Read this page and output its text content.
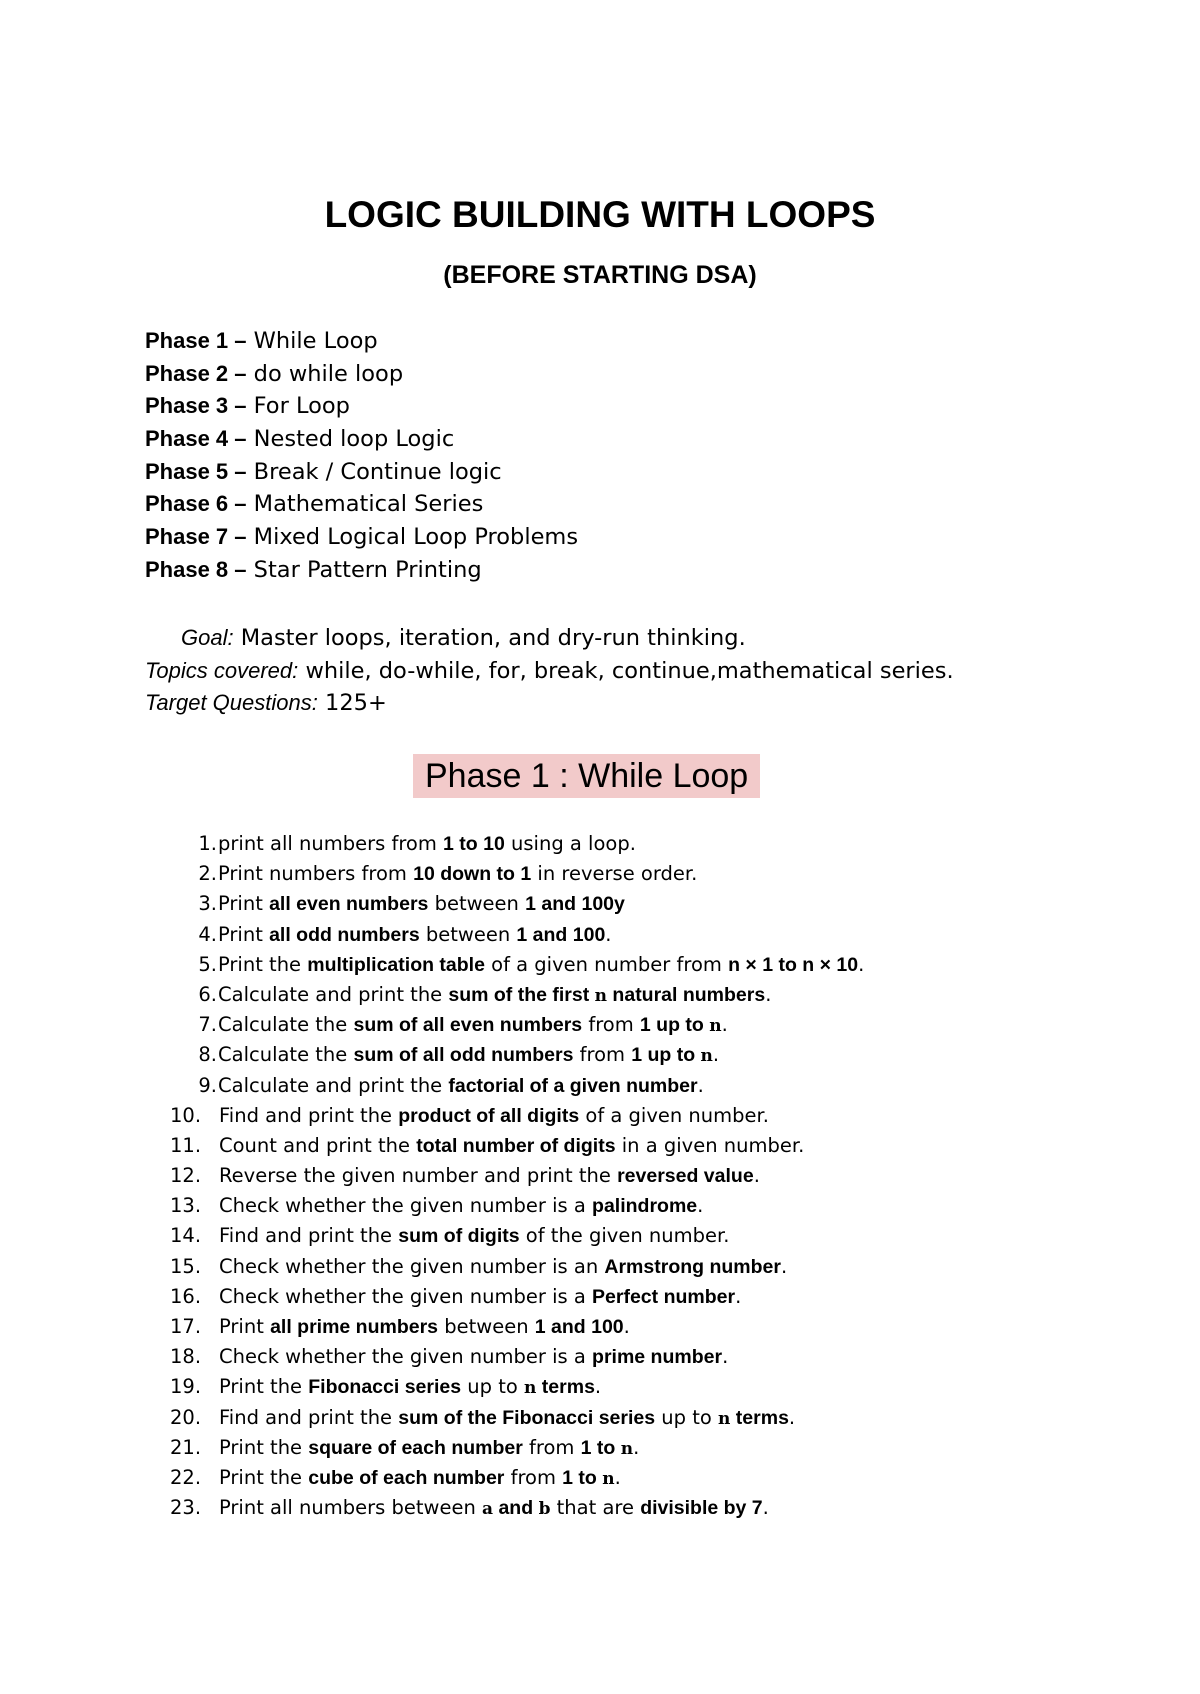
LOGIC BUILDING WITH LOOPS
(BEFORE STARTING DSA)
Phase 1 – While Loop
Phase 2 – do while loop
Phase 3 – For Loop
Phase 4 – Nested loop Logic
Phase 5 – Break / Continue logic
Phase 6 – Mathematical Series
Phase 7 – Mixed Logical Loop Problems
Phase 8 – Star Pattern Printing
Goal: Master loops, iteration, and dry-run thinking.
Topics covered: while, do-while, for, break, continue,mathematical series.
Target Questions: 125+
Phase 1 : While Loop
1.print all numbers from 1 to 10 using a loop.
2.Print numbers from 10 down to 1 in reverse order.
3.Print all even numbers between 1 and 100y
4.Print all odd numbers between 1 and 100.
5.Print the multiplication table of a given number from n × 1 to n × 10.
6.Calculate and print the sum of the first n natural numbers.
7.Calculate the sum of all even numbers from 1 up to n.
8.Calculate the sum of all odd numbers from 1 up to n.
9.Calculate and print the factorial of a given number.
10. Find and print the product of all digits of a given number.
11. Count and print the total number of digits in a given number.
12. Reverse the given number and print the reversed value.
13. Check whether the given number is a palindrome.
14. Find and print the sum of digits of the given number.
15. Check whether the given number is an Armstrong number.
16. Check whether the given number is a Perfect number.
17. Print all prime numbers between 1 and 100.
18. Check whether the given number is a prime number.
19. Print the Fibonacci series up to n terms.
20. Find and print the sum of the Fibonacci series up to n terms.
21. Print the square of each number from 1 to n.
22. Print the cube of each number from 1 to n.
23. Print all numbers between a and b that are divisible by 7.
